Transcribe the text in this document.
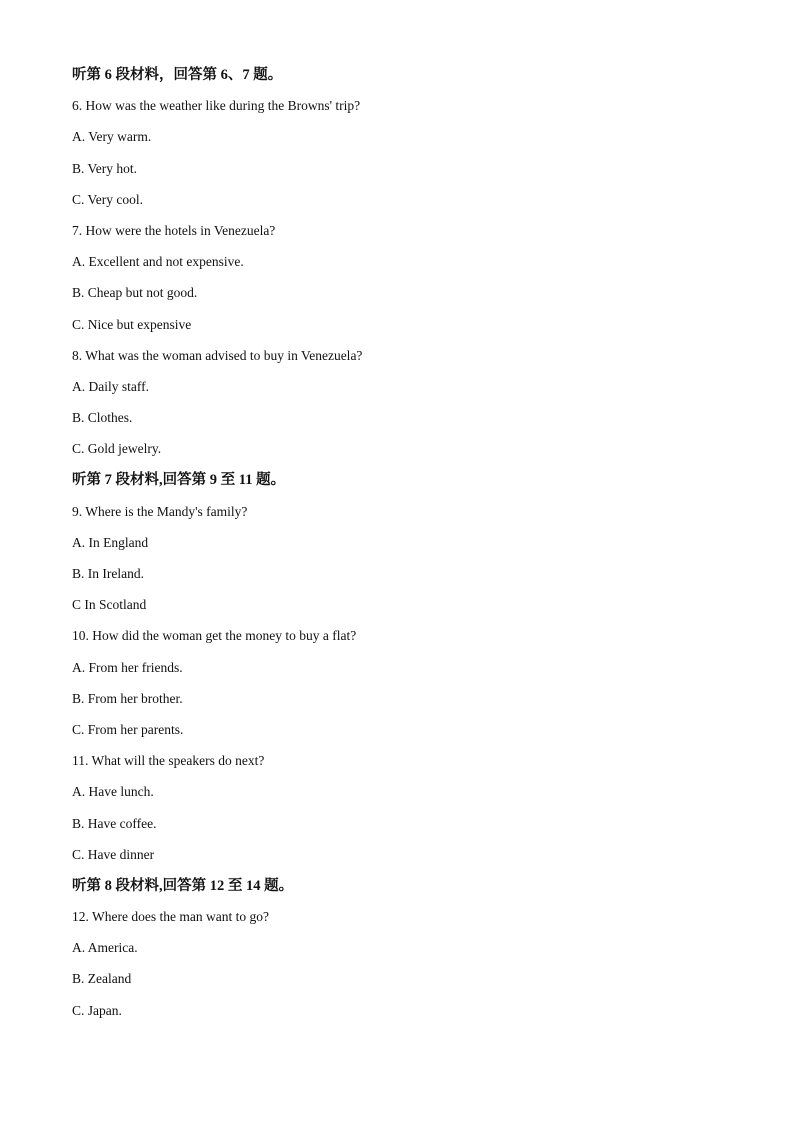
听第 6 段材料，回答第 6、7 题。
6. How was the weather like during the Browns' trip?
A. Very warm.
B. Very hot.
C. Very cool.
7. How were the hotels in Venezuela?
A. Excellent and not expensive.
B. Cheap but not good.
C. Nice but expensive
8. What was the woman advised to buy in Venezuela?
A. Daily staff.
B. Clothes.
C. Gold jewelry.
听第 7 段材料,回答第 9 至 11 题。
9. Where is the Mandy's family?
A. In England
B. In Ireland.
C In Scotland
10. How did the woman get the money to buy a flat?
A. From her friends.
B. From her brother.
C. From her parents.
11. What will the speakers do next?
A. Have lunch.
B. Have coffee.
C. Have dinner
听第 8 段材料,回答第 12 至 14 题。
12. Where does the man want to go?
A. America.
B. Zealand
C. Japan.
